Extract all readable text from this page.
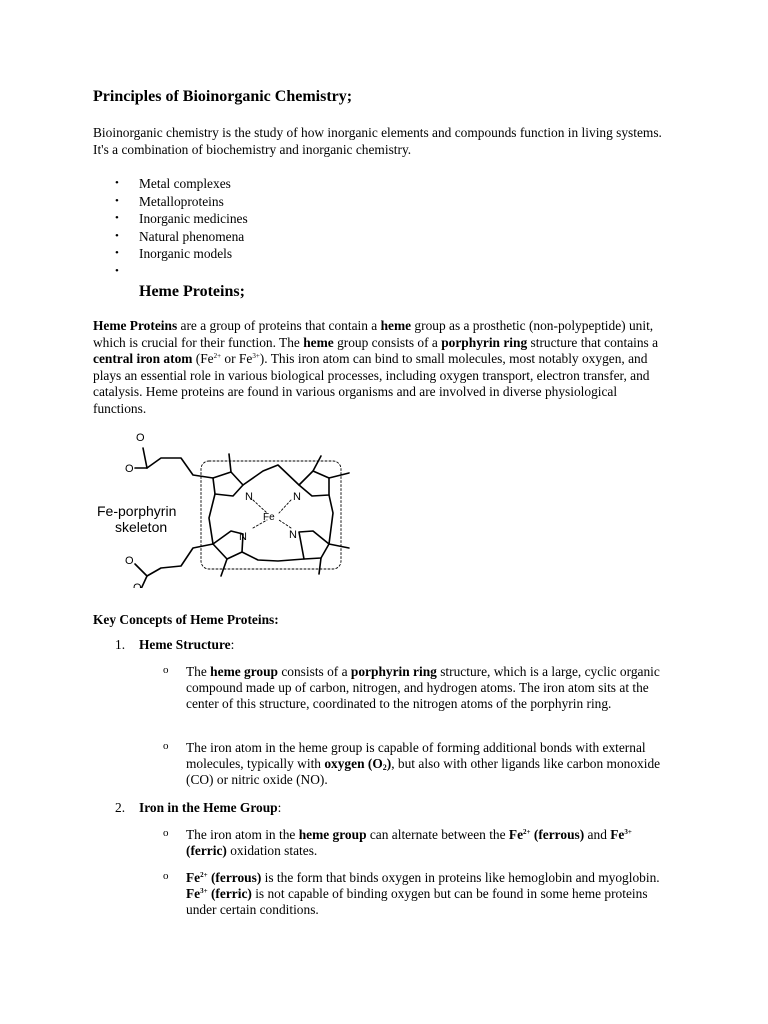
Principles of Bioinorganic Chemistry;

Bioinorganic chemistry is the study of how inorganic elements and compounds function in living systems. It's a combination of biochemistry and inorganic chemistry.

• Metal complexes
• Metalloproteins
• Inorganic medicines
• Natural phenomena
• Inorganic models
•
Heme Proteins;

Heme Proteins are a group of proteins that contain a heme group as a prosthetic (non-polypeptide) unit, which is crucial for their function. The heme group consists of a porphyrin ring structure that contains a central iron atom ($Fe^{2+}$ or $Fe^{3+}$). This iron atom can bind to small molecules, most notably oxygen, and plays an essential role in various biological processes, including oxygen transport, electron transfer, and catalysis. Heme proteins are found in various organisms and are involved in diverse physiological functions.

N	N
N	N
Fe
O
O
O
O
Fe-porphyrin
skeleton

Key Concepts of Heme Proteins:

1. Heme Structure:
o The heme group consists of a porphyrin ring structure, which is a large, cyclic organic compound made up of carbon, nitrogen, and hydrogen atoms. The iron atom sits at the center of this structure, coordinated to the nitrogen atoms of the porphyrin ring.

o The iron atom in the heme group is capable of forming additional bonds with external molecules, typically with oxygen $(O_2)$, but also with other ligands like carbon monoxide (CO) or nitric oxide (NO).

2. Iron in the Heme Group:
o The iron atom in the heme group can alternate between the $Fe^{2+}$ (ferrous) and $Fe^{3+}$ (ferric) oxidation states.

o $Fe^{2+}$ (ferrous) is the form that binds oxygen in proteins like hemoglobin and myoglobin. $Fe^{3+}$ (ferric) is not capable of binding oxygen but can be found in some heme proteins under certain conditions.
